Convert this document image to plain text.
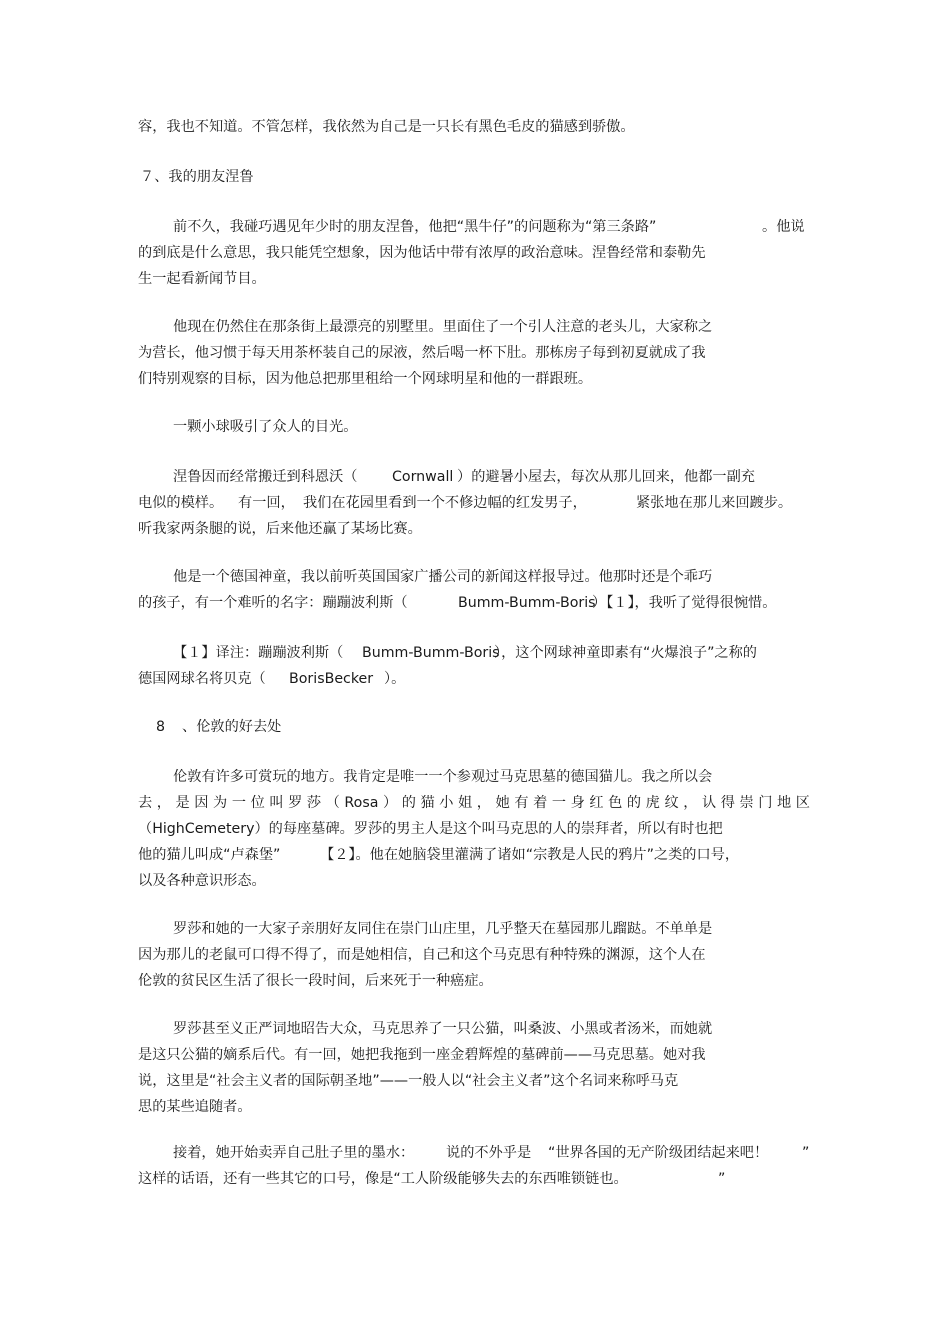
容，我也不知道。不管怎样，我依然为自己是一只长有黑色毛皮的猫感到骄傲。

７、我的朋友涅鲁

前不久，我碰巧遇见年少时的朋友涅鲁，他把“黑牛仔”的问题称为“第三条路”	。他说

的到底是什么意思，我只能凭空想象，因为他话中带有浓厚的政治意味。涅鲁经常和泰勒先

生一起看新闻节目。

他现在仍然住在那条街上最漂亮的别墅里。里面住了一个引人注意的老头儿，大家称之

为营长，他习惯于每天用茶杯装自己的尿液，然后喝一杯下肚。那栋房子每到初夏就成了我

们特别观察的目标，因为他总把那里租给一个网球明星和他的一群跟班。

一颗小球吸引了众人的目光。

涅鲁因而经常搬迁到科恩沃（ Cornwall ）的避暑小屋去，每次从那儿回来，他都一副充

电似的模样。 有一回， 我们在花园里看到一个不修边幅的红发男子，	紧张地在那儿来回踱步。

听我家两条腿的说，后来他还赢了某场比赛。

他是一个德国神童，我以前听英国国家广播公司的新闻这样报导过。他那时还是个乖巧

的孩子，有一个难听的名字：蹦蹦波利斯（	Bumm-Bumm-Boris

）【１】，我听了觉得很惋惜。

【１】译注：蹦蹦波利斯（ Bumm-Bumm-Boris

），这个网球神童即素有“火爆浪子”之称的

德国网球名将贝克（ BorisBecker ）。

8 、伦敦的好去处

伦敦有许多可赏玩的地方。我肯定是唯一一个参观过马克思墓的德国猫儿。我之所以会

去，是因为一位叫罗莎（Rosa）的猫小姐，她有着一身红色的虎纹，认得崇门地区

（HighCemetery）的每座墓碑。罗莎的男主人是这个叫马克思的人的崇拜者，所以有时也把

他的猫儿叫成“卢森堡”	【２】。他在她脑袋里灌满了诸如“宗教是人民的鸦片”之类的口号，

以及各种意识形态。

罗莎和她的一大家子亲朋好友同住在崇门山庄里，几乎整天在墓园那儿蹓跶。不单单是

因为那儿的老鼠可口得不得了，而是她相信，自己和这个马克思有种特殊的渊源，这个人在

伦敦的贫民区生活了很长一段时间，后来死于一种癌症。

罗莎甚至义正严词地昭告大众，马克思养了一只公猫，叫桑波、小黑或者汤米，而她就

是这只公猫的嫡系后代。有一回，她把我拖到一座金碧辉煌的墓碑前——马克思墓。她对我

说，这里是“社会主义者的国际朝圣地”——一般人以“社会主义者”这个名词来称呼马克

思的某些追随者。

接着，她开始卖弄自己肚子里的墨水： 说的不外乎是 “世界各国的无产阶级团结起来吧！ ”

这样的话语，还有一些其它的口号，像是“工人阶级能够失去的东西唯锁链也。	”
